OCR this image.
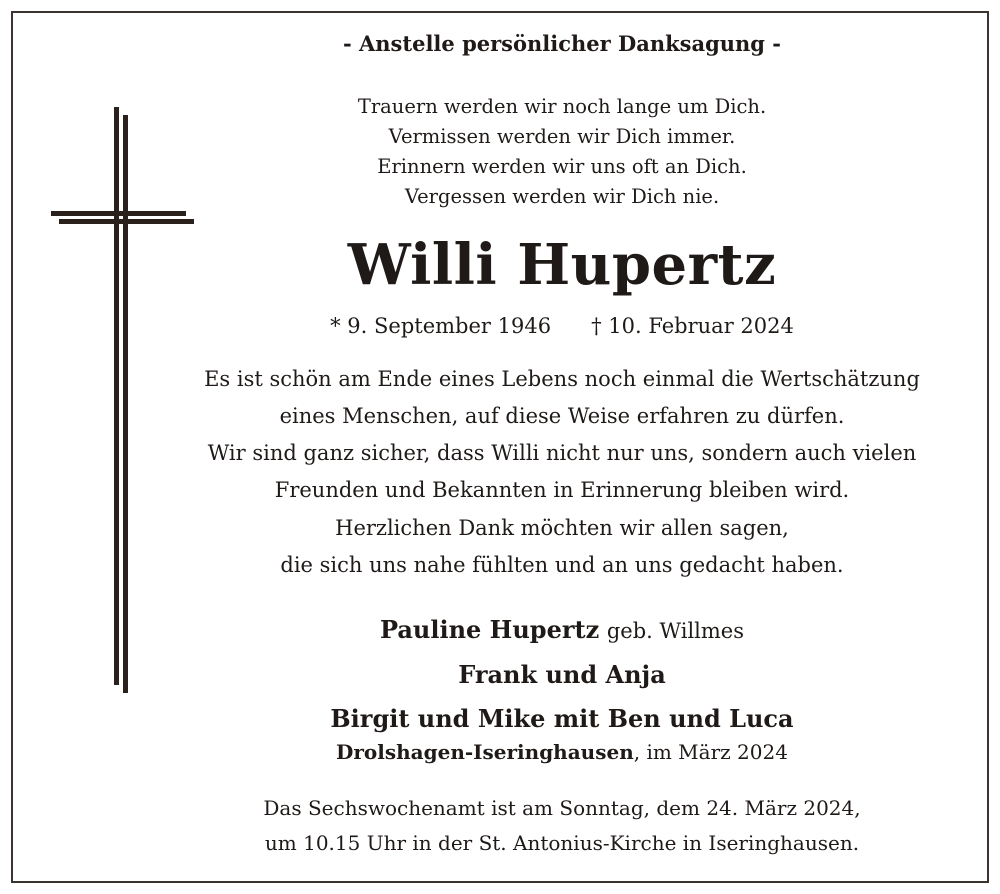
- Anstelle persönlicher Danksagung -
Trauern werden wir noch lange um Dich.
Vermissen werden wir Dich immer.
Erinnern werden wir uns oft an Dich.
Vergessen werden wir Dich nie.
Willi Hupertz
* 9. September 1946 † 10. Februar 2024
Es ist schön am Ende eines Lebens noch einmal die Wertschätzung
eines Menschen, auf diese Weise erfahren zu dürfen.
Wir sind ganz sicher, dass Willi nicht nur uns, sondern auch vielen
Freunden und Bekannten in Erinnerung bleiben wird.
Herzlichen Dank möchten wir allen sagen,
die sich uns nahe fühlten und an uns gedacht haben.
Pauline Hupertz geb. Willmes
Frank und Anja
Birgit und Mike mit Ben und Luca
Drolshagen-Iseringhausen, im März 2024
Das Sechswochenamt ist am Sonntag, dem 24. März 2024,
um 10.15 Uhr in der St. Antonius-Kirche in Iseringhausen.
